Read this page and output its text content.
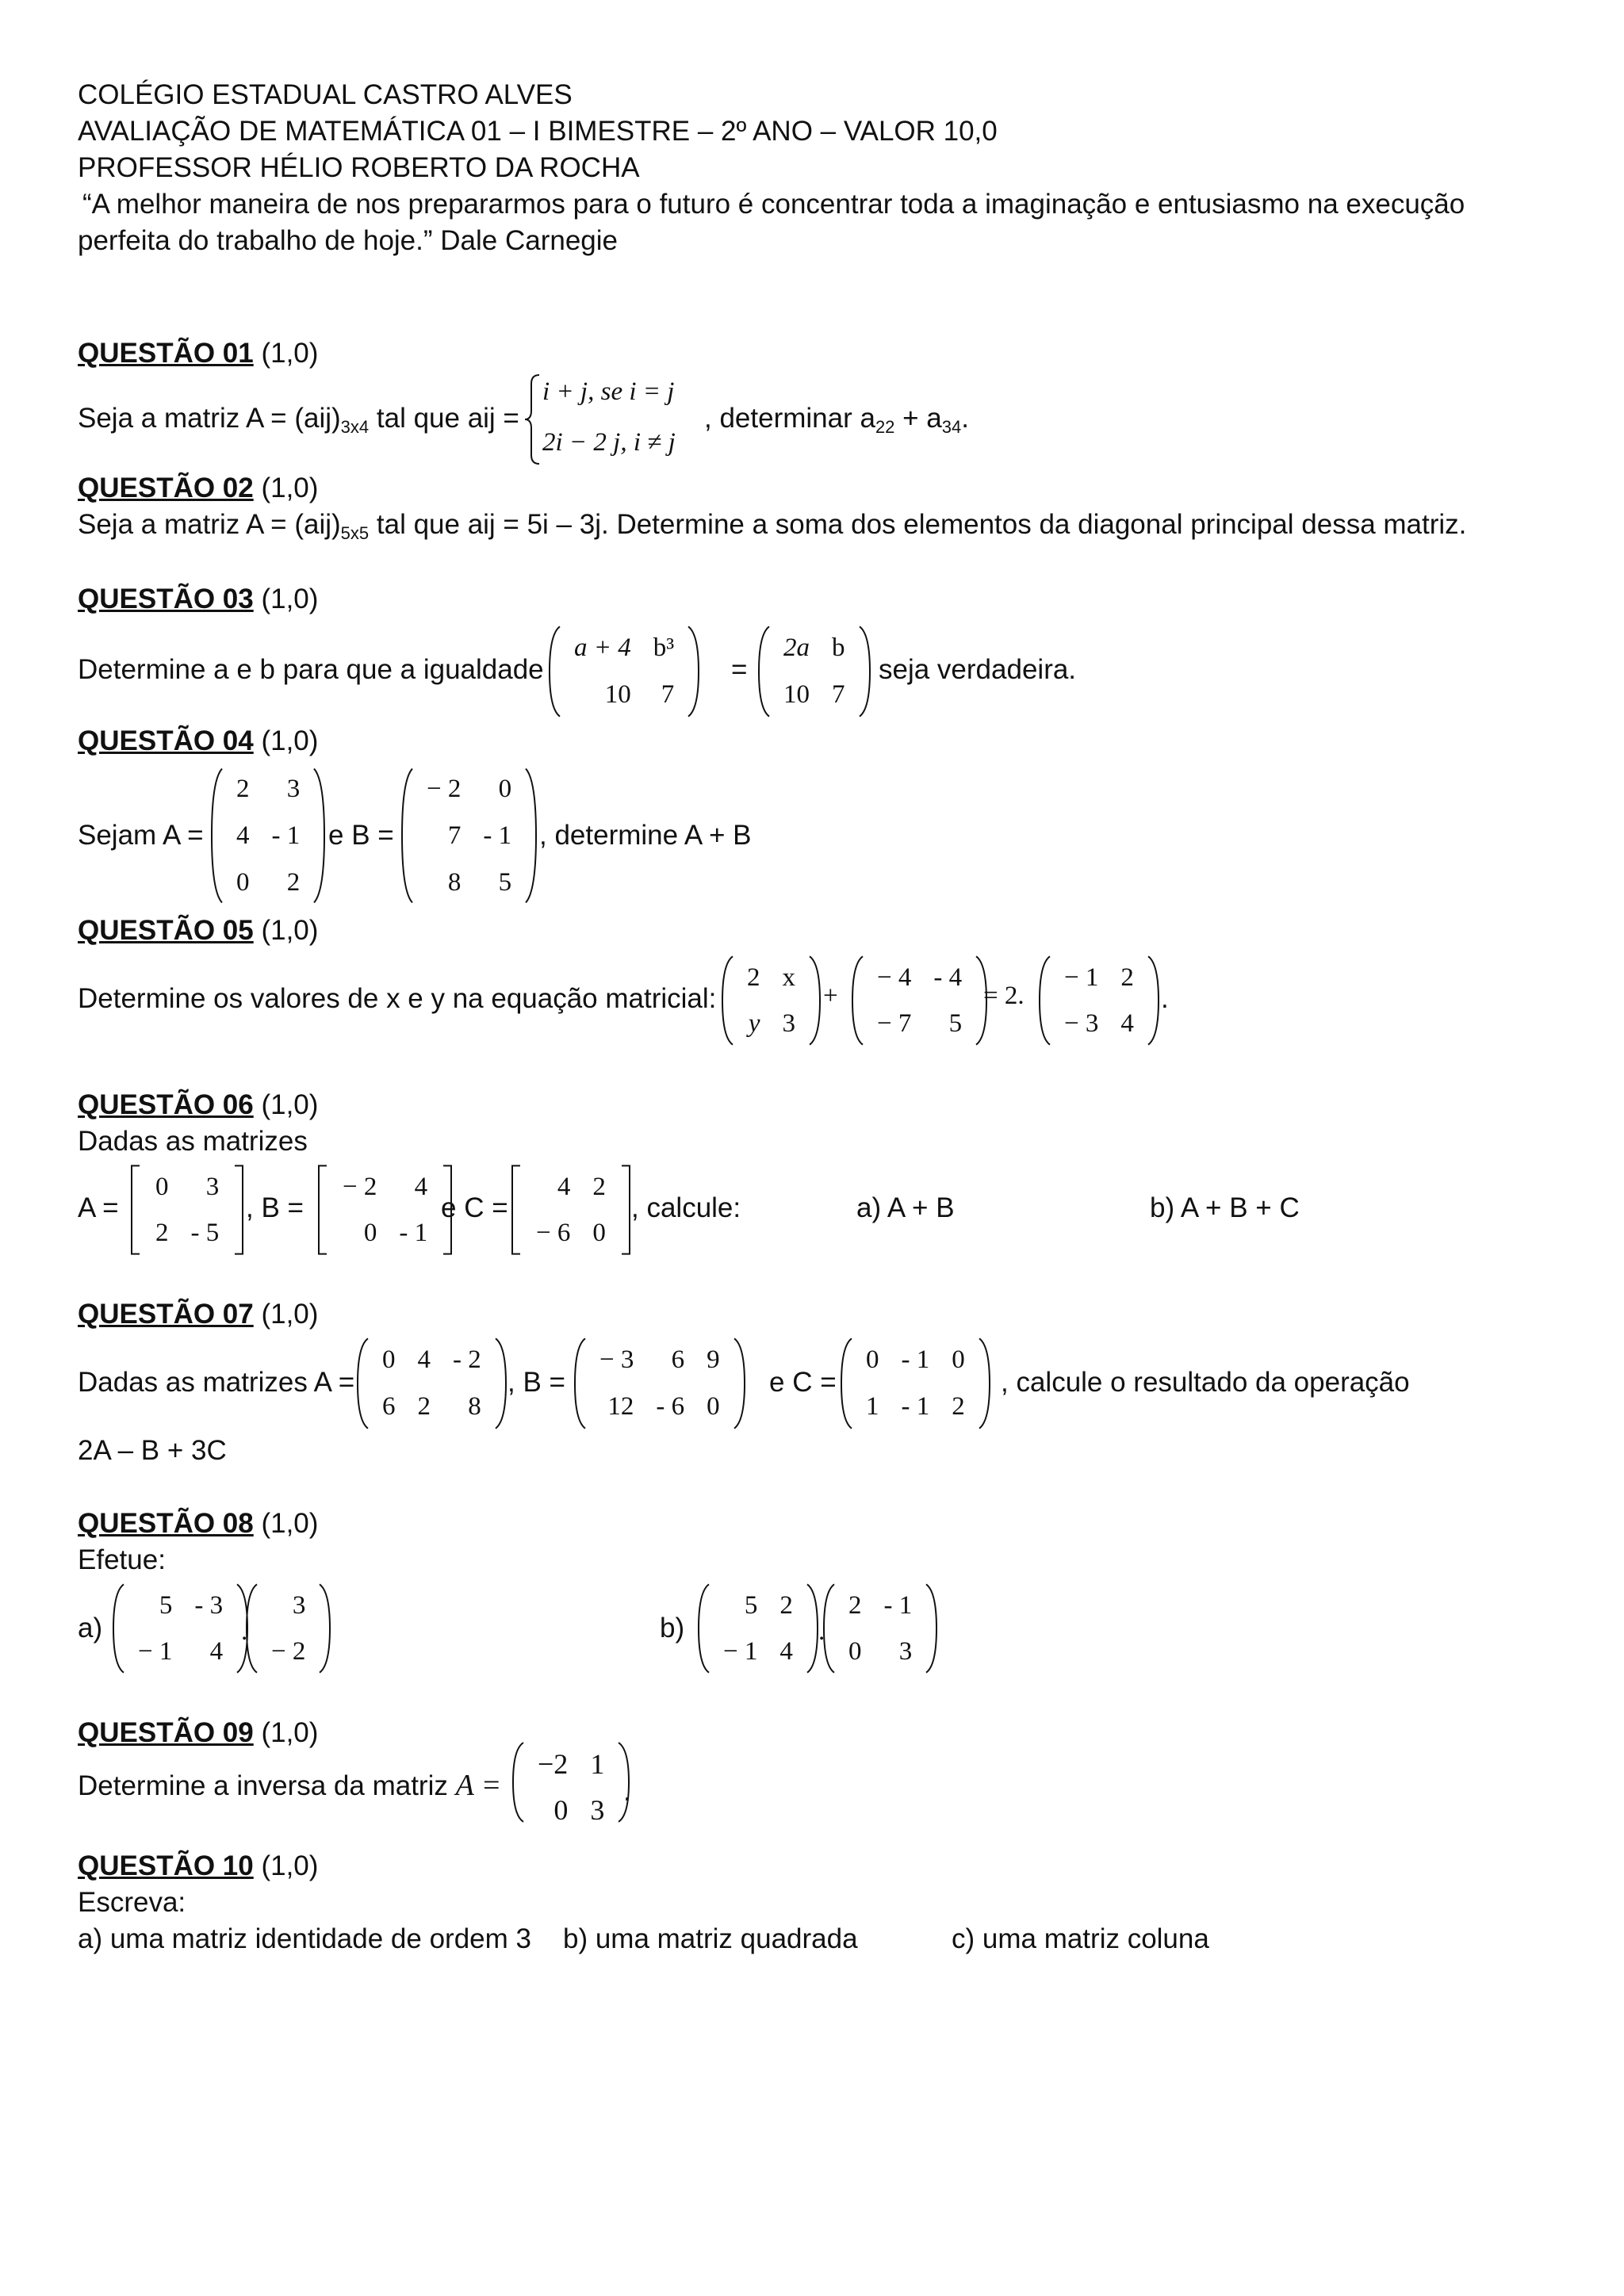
COLÉGIO ESTADUAL CASTRO ALVES
AVALIAÇÃO DE MATEMÁTICA 01 – I BIMESTRE – 2º ANO – VALOR 10,0
PROFESSOR HÉLIO ROBERTO DA ROCHA
“A melhor maneira de nos prepararmos para o futuro é concentrar toda a imaginação e entusiasmo na execução
perfeita do trabalho de hoje.” Dale Carnegie
QUESTÃO 01 (1,0)
Seja a matriz $A = (aij)_{3x4}$ tal que aij =
i + j, se i = j
2i − 2 j, i ≠ j
, determinar $a_{22} + a_{34}$.
QUESTÃO 02 (1,0)
Seja a matriz $A = (aij)_{5x5}$ tal que aij = 5i – 3j. Determine a soma dos elementos da diagonal principal dessa matriz.
QUESTÃO 03 (1,0)
Determine a e b para que a igualdade
a + 4	b³
10	7
=
2a	b
10	7
seja verdadeira.
QUESTÃO 04 (1,0)
Sejam A =
2	3
4	- 1
0	2
e B =
− 2	0
7	- 1
8	5
, determine A + B
QUESTÃO 05 (1,0)
Determine os valores de x e y na equação matricial:
2	x
y	3
+
− 4	- 4
− 7	5
= 2.
− 1	2
− 3	4
.
QUESTÃO 06 (1,0)
Dadas as matrizes
A =
0	3
2	- 5
, B =
− 2	4
0	- 1
e C =
4	2
− 6	0
, calcule:	a) A + B	b) A + B + C
QUESTÃO 07 (1,0)
Dadas as matrizes A =
0	4	- 2
6	2	8
, B =
− 3	6	9
12	- 6	0
e C =
0	- 1	0
1	- 1	2
, calcule o resultado da operação
2A – B + 3C
QUESTÃO 08 (1,0)
Efetue:
a)
5	- 3
− 1	4
.
3
− 2
b)
5	2
− 1	4
.
2	- 1
0	3
QUESTÃO 09 (1,0)
Determine a inversa da matriz A =
−2	1
0	3
.
QUESTÃO 10 (1,0)
Escreva:
a) uma matriz identidade de ordem 3 b) uma matriz quadrada	c) uma matriz coluna
